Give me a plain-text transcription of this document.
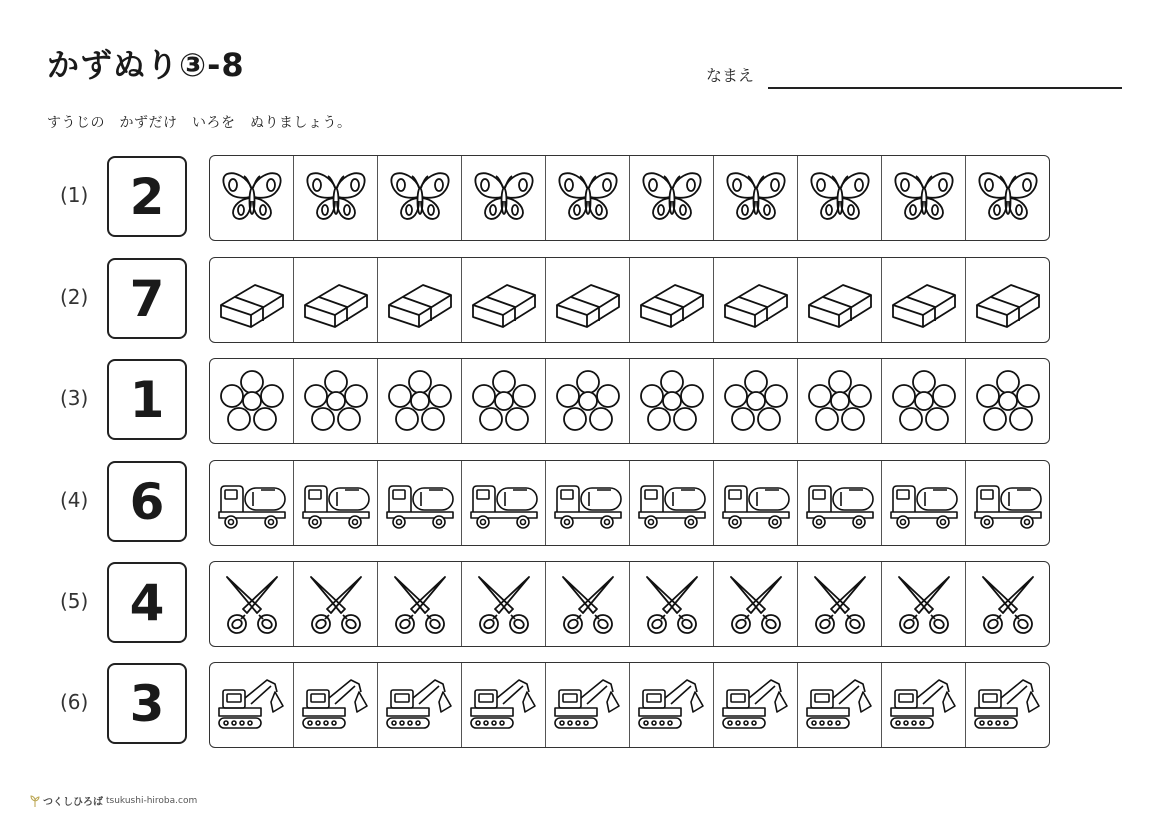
かずぬり③-8	なまえ
すうじの　かずだけ　いろを　ぬりましょう。
(1) 2
(2) 7
(3) 1
(4) 6
(5) 4
(6) 3
つくしひろば tsukushi-hiroba.com
